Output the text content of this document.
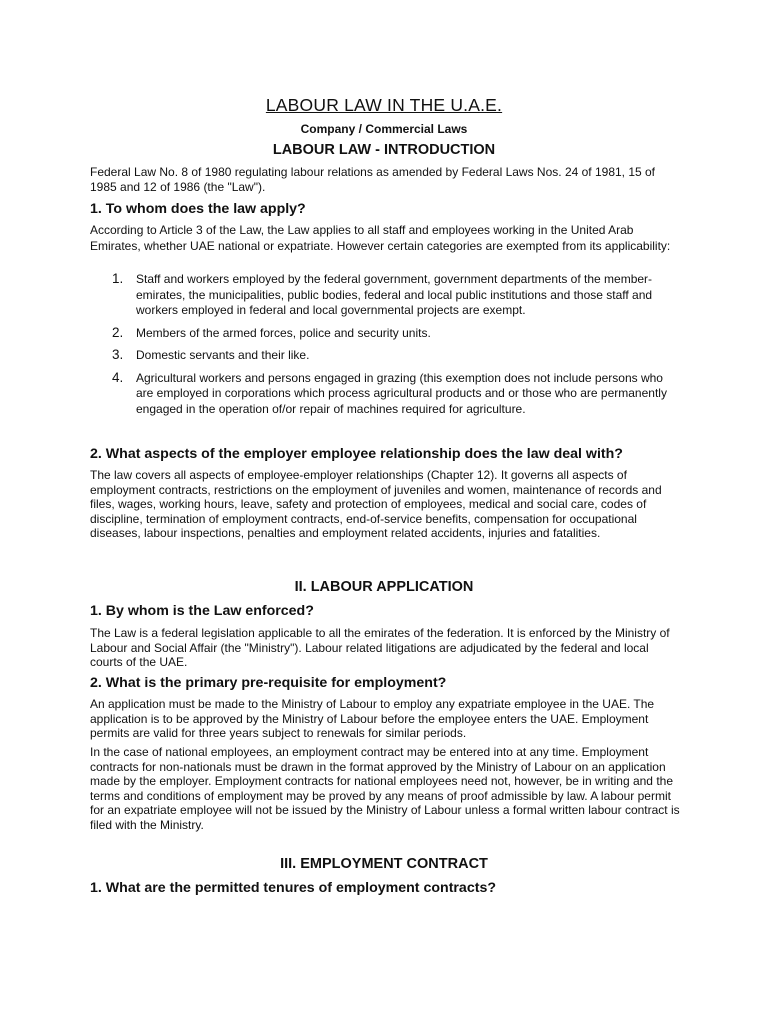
LABOUR LAW IN THE U.A.E.
Company / Commercial Laws
LABOUR LAW - INTRODUCTION

Federal Law No. 8 of 1980 regulating labour relations as amended by Federal Laws Nos. 24 of 1981, 15 of 1985 and 12 of 1986 (the "Law").

1. To whom does the law apply?

According to Article 3 of the Law, the Law applies to all staff and employees working in the United Arab Emirates, whether UAE national or expatriate. However certain categories are exempted from its applicability:

1. Staff and workers employed by the federal government, government departments of the member-emirates, the municipalities, public bodies, federal and local public institutions and those staff and workers employed in federal and local governmental projects are exempt.
2. Members of the armed forces, police and security units.
3. Domestic servants and their like.
4. Agricultural workers and persons engaged in grazing (this exemption does not include persons who are employed in corporations which process agricultural products and or those who are permanently engaged in the operation of/or repair of machines required for agriculture.

2. What aspects of the employer employee relationship does the law deal with?

The law covers all aspects of employee-employer relationships (Chapter 12). It governs all aspects of employment contracts, restrictions on the employment of juveniles and women, maintenance of records and files, wages, working hours, leave, safety and protection of employees, medical and social care, codes of discipline, termination of employment contracts, end-of-service benefits, compensation for occupational diseases, labour inspections, penalties and employment related accidents, injuries and fatalities.

II. LABOUR APPLICATION

1. By whom is the Law enforced?

The Law is a federal legislation applicable to all the emirates of the federation. It is enforced by the Ministry of Labour and Social Affair (the "Ministry"). Labour related litigations are adjudicated by the federal and local courts of the UAE.

2. What is the primary pre-requisite for employment?

An application must be made to the Ministry of Labour to employ any expatriate employee in the UAE. The application is to be approved by the Ministry of Labour before the employee enters the UAE. Employment permits are valid for three years subject to renewals for similar periods.

In the case of national employees, an employment contract may be entered into at any time. Employment contracts for non-nationals must be drawn in the format approved by the Ministry of Labour on an application made by the employer. Employment contracts for national employees need not, however, be in writing and the terms and conditions of employment may be proved by any means of proof admissible by law. A labour permit for an expatriate employee will not be issued by the Ministry of Labour unless a formal written labour contract is filed with the Ministry.

III. EMPLOYMENT CONTRACT

1. What are the permitted tenures of employment contracts?
